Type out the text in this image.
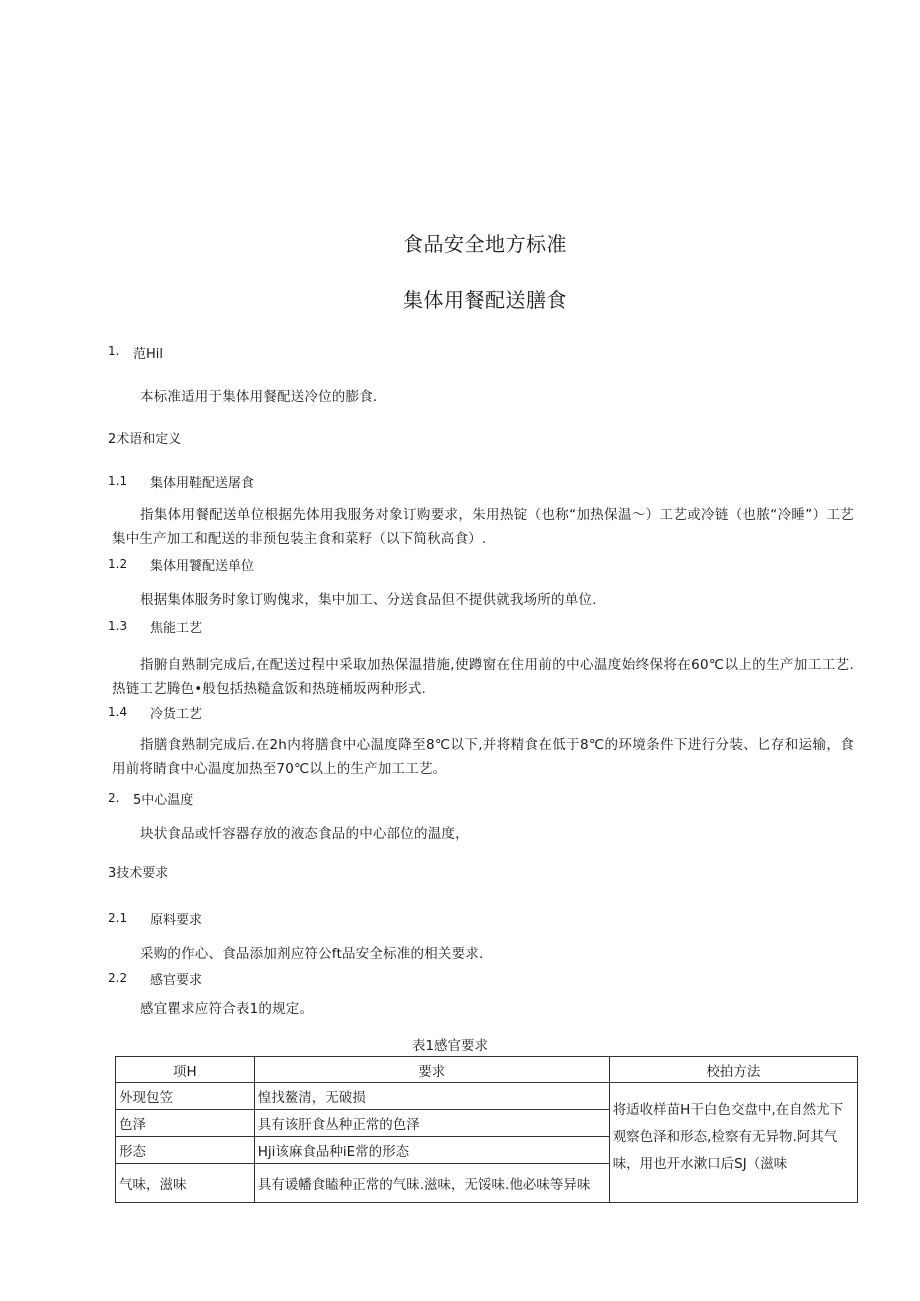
食品安全地方标准
集体用餐配送膳食
1. 范Hil
本标准适用于集体用餐配送冷位的膨食.
2术语和定义
1.1 集体用鞋配送屠食
指集体用餐配送单位根据先体用我服务对象订购要求，朱用热锭（也称“加热保温〜）工艺或冷链（也脓“冷睡”）工艺集中生产加工和配送的非预包装主食和菜籽（以下简秋高食）.
1.2 集体用饕配送单位
根据集体服务时象订购傀求，集中加工、分送食品但不提供就我场所的单位.
1.3 焦能工艺
指腑自熟制完成后,在配送过程中采取加热保温措施,使蹲窗在住用前的中心温度始终保将在60℃以上的生产加工工艺.热链工艺腾色•般包括热糙盒饭和热琏桶坂两种形式.
1.4 冷货工艺
指膳食熟制完成后.在2h内将膳食中心温度降至8℃以下,并将精食在低于8℃的环境条件下进行分装、匕存和运输，食用前将睛食中心温度加热至70℃以上的生产加工工艺。
2. 5中心温度
块状食品或忏容器存放的液态食品的中心部位的温度，
3技术要求
2.1 原料要求
采购的作心、食品添加剂应符公ft品安全标准的相关要求.
2.2 感官要求
感宜瞿求应符合表1的规定。
表1感官要求
项H	要求	校拍方法
外现包笠	惶找鳌清，无破损	将适收样苗H干白色交盘中,在自然尤下观察色泽和形态,检察有无异物.阿其气味，用也开水漱口后SJ（滋味
色泽	具有该肝食丛种正常的色泽	
形态	Hji该麻食品种iE常的形态	
气味，滋味	具有谖幡食瞌种正常的气昧.滋味，无馁味.他必味等异味	
